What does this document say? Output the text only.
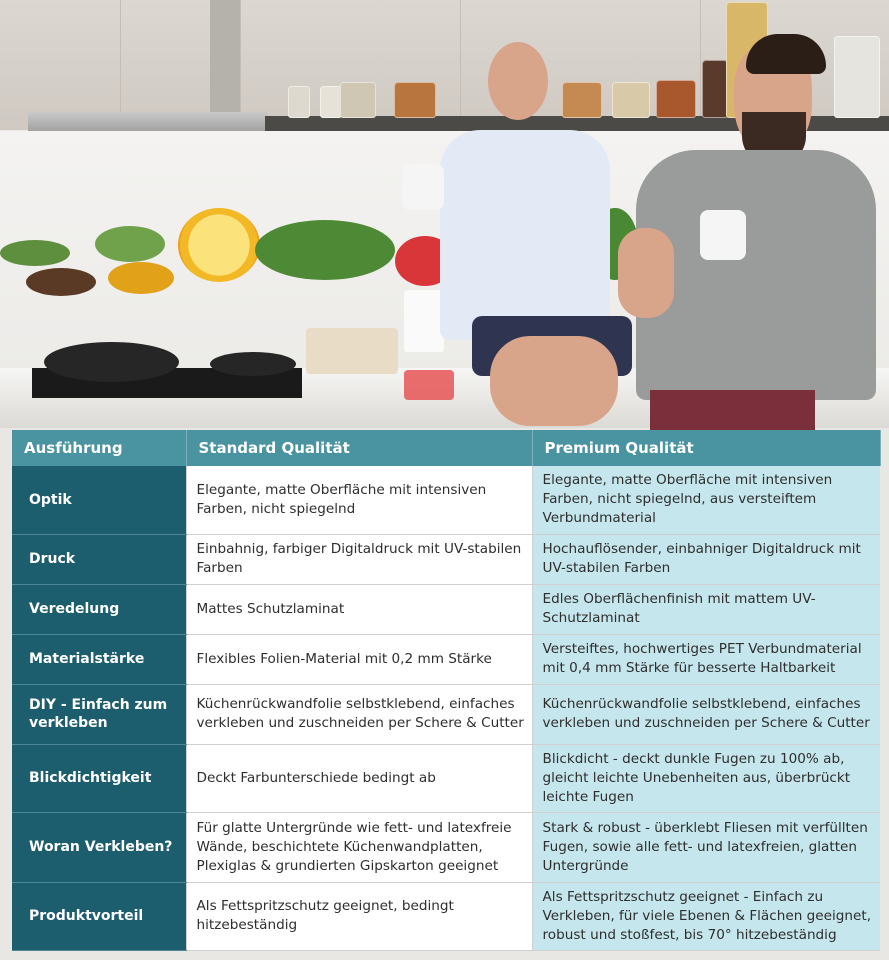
Ausführung	Standard Qualität	Premium Qualität
Optik	Elegante, matte Oberfläche mit intensiven Farben, nicht spiegelnd	Elegante, matte Oberfläche mit intensiven Farben, nicht spiegelnd, aus versteiftem Verbundmaterial
Druck	Einbahnig, farbiger Digitaldruck mit UV-stabilen Farben	Hochauflösender, einbahniger Digitaldruck mit UV-stabilen Farben
Veredelung	Mattes Schutzlaminat	Edles Oberflächenfinish mit mattem UV-Schutzlaminat
Materialstärke	Flexibles Folien-Material mit 0,2 mm Stärke	Versteiftes, hochwertiges PET Verbundmaterial mit 0,4 mm Stärke für besserte Haltbarkeit
DIY - Einfach zum verkleben	Küchenrückwandfolie selbstklebend, einfaches verkleben und zuschneiden per Schere & Cutter	Küchenrückwandfolie selbstklebend, einfaches verkleben und zuschneiden per Schere & Cutter
Blickdichtigkeit	Deckt Farbunterschiede bedingt ab	Blickdicht - deckt dunkle Fugen zu 100% ab, gleicht leichte Unebenheiten aus, überbrückt leichte Fugen
Woran Verkleben?	Für glatte Untergründe wie fett- und latexfreie Wände, beschichtete Küchenwandplatten, Plexiglas & grundierten Gipskarton geeignet	Stark & robust - überklebt Fliesen mit verfüllten Fugen, sowie alle fett- und latexfreien, glatten Untergründe
Produktvorteil	Als Fettspritzschutz geeignet, bedingt hitzebeständig	Als Fettspritzschutz geeignet - Einfach zu Verkleben, für viele Ebenen & Flächen geeignet, robust und stoßfest, bis 70° hitzebeständig
